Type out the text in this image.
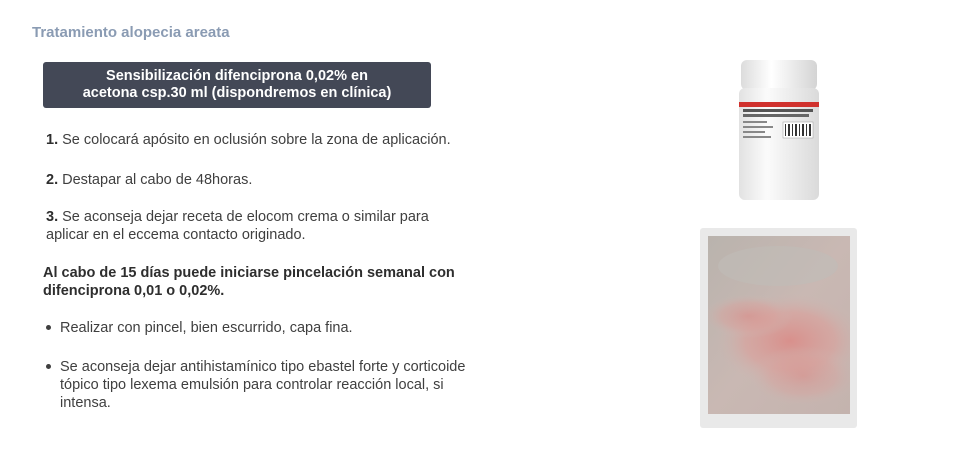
Tratamiento alopecia areata
Sensibilización difenciprona 0,02% en
acetona csp.30 ml (dispondremos en clínica)
1. Se colocará apósito en oclusión sobre la zona de aplicación.
2. Destapar al cabo de 48horas.
3. Se aconseja dejar receta de elocom crema o similar para
aplicar en el eccema contacto originado.
Al cabo de 15 días puede iniciarse pincelación semanal con
difenciprona 0,01 o 0,02%.
Realizar con pincel, bien escurrido, capa fina.
Se aconseja dejar antihistamínico tipo ebastel forte y corticoide
tópico tipo lexema emulsión para controlar reacción local, si
intensa.
